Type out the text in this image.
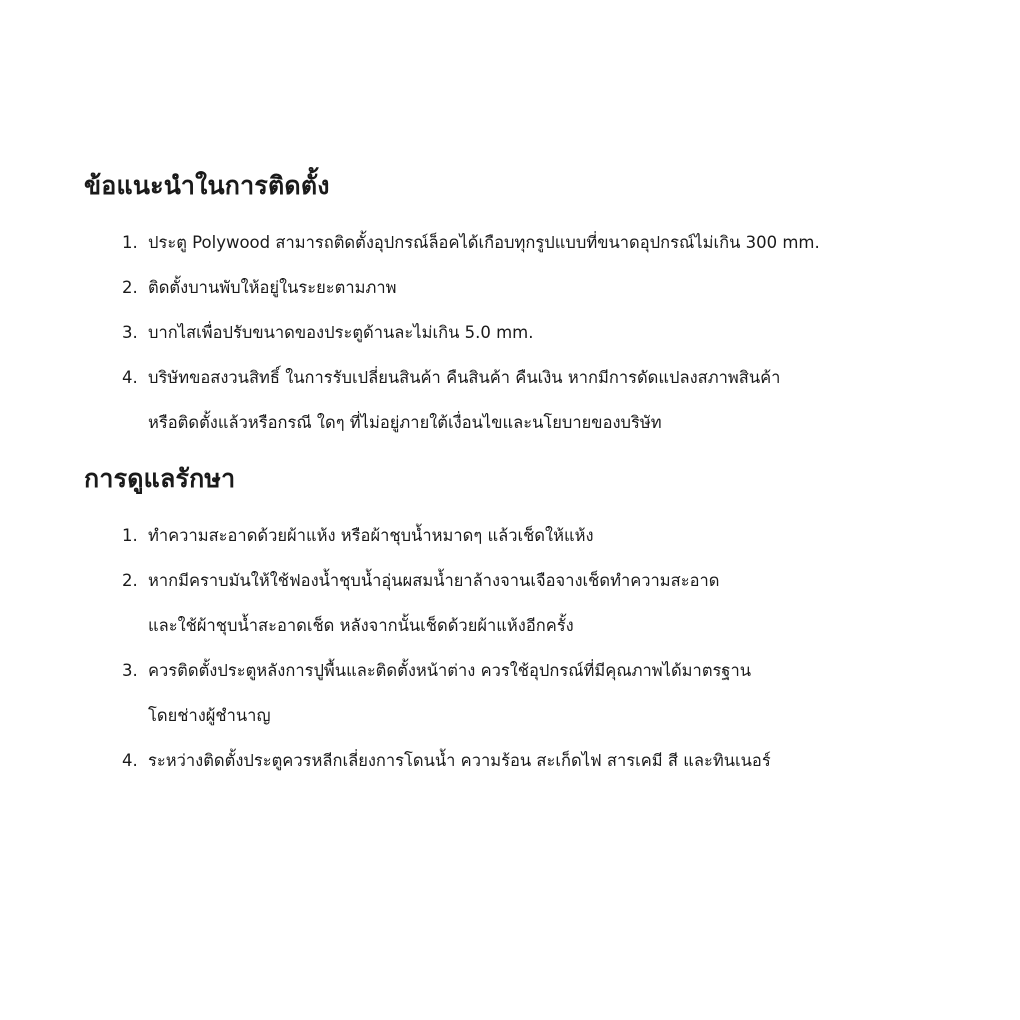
ข้อแนะนำในการติดตั้ง
1. ประตู Polywood สามารถติดตั้งอุปกรณ์ล็อคได้เกือบทุกรูปแบบที่ขนาดอุปกรณ์ไม่เกิน 300 mm.
2. ติดตั้งบานพับให้อยู่ในระยะตามภาพ
3. บากไสเพื่อปรับขนาดของประตูด้านละไม่เกิน 5.0 mm.
4. บริษัทขอสงวนสิทธิ์ ในการรับเปลี่ยนสินค้า คืนสินค้า คืนเงิน หากมีการดัดแปลงสภาพสินค้า
หรือติดตั้งแล้วหรือกรณี ใดๆ ที่ไม่อยู่ภายใต้เงื่อนไขและนโยบายของบริษัท
การดูแลรักษา
1. ทำความสะอาดด้วยผ้าแห้ง หรือผ้าชุบน้ำหมาดๆ แล้วเช็ดให้แห้ง
2. หากมีคราบมันให้ใช้ฟองน้ำชุบน้ำอุ่นผสมน้ำยาล้างจานเจือจางเช็ดทำความสะอาด
และใช้ผ้าชุบน้ำสะอาดเช็ด หลังจากนั้นเช็ดด้วยผ้าแห้งอีกครั้ง
3. ควรติดตั้งประตูหลังการปูพื้นและติดตั้งหน้าต่าง ควรใช้อุปกรณ์ที่มีคุณภาพได้มาตรฐาน
โดยช่างผู้ชำนาญ
4. ระหว่างติดตั้งประตูควรหลีกเลี่ยงการโดนน้ำ ความร้อน สะเก็ดไฟ สารเคมี สี และทินเนอร์
